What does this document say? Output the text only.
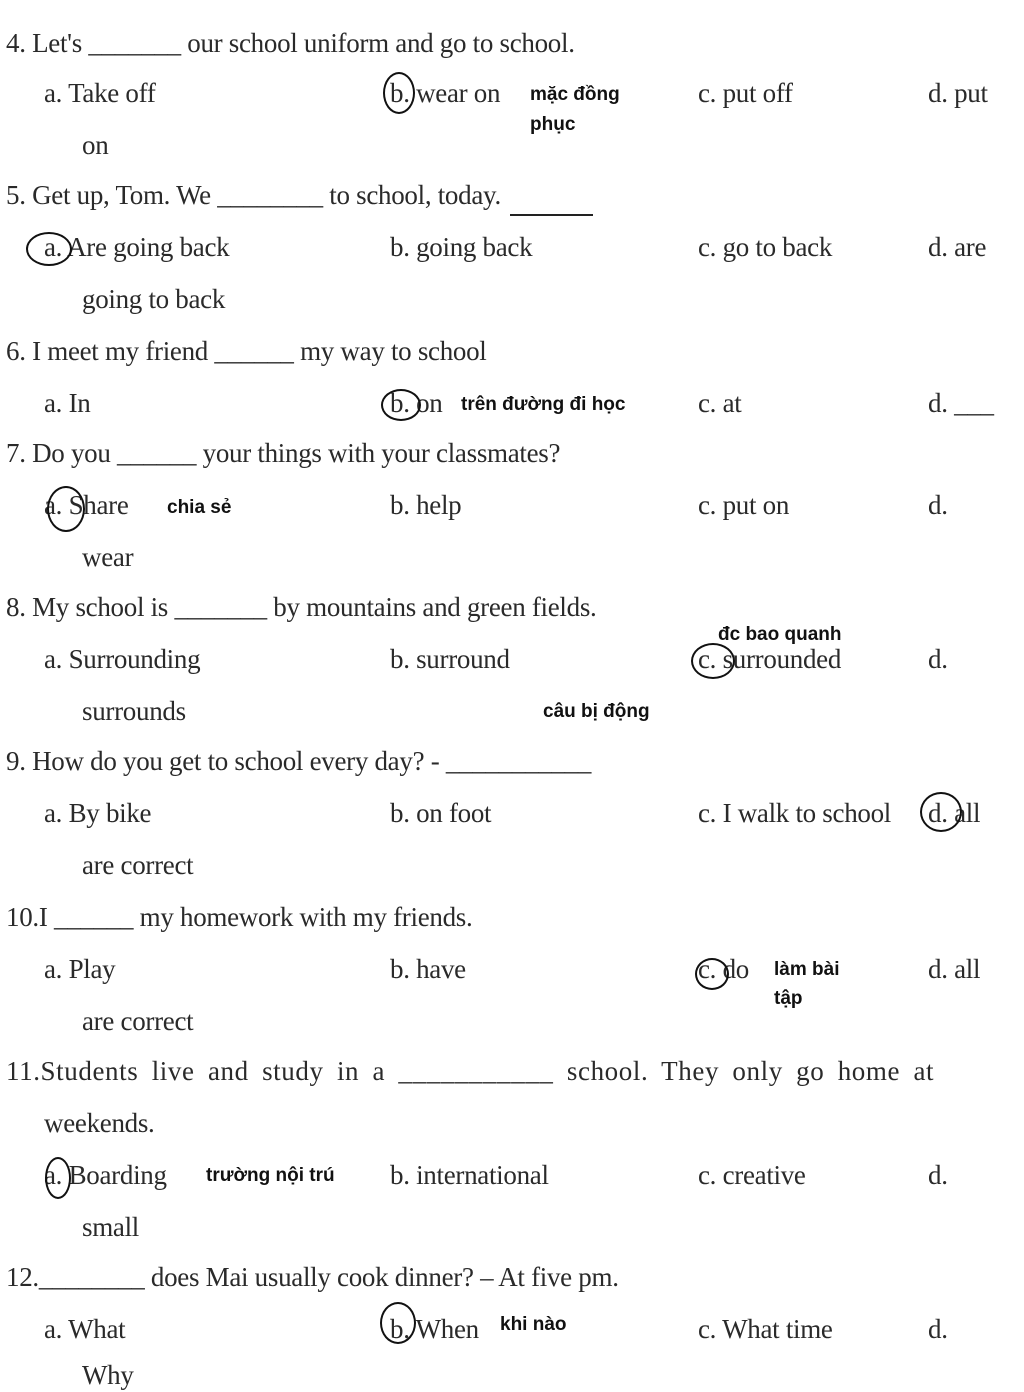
4. Let's _______ our school uniform and go to school.
a. Take off	b. wear on	c. put off	d. put
on
mặc đồng
phục
5. Get up, Tom. We ________ to school, today.
a. Are going back	b. going back	c. go to back	d. are
going to back
6. I meet my friend ______ my way to school
a. In	b. on	c. at	d. ___
trên đường đi học
7. Do you ______ your things with your classmates?
a. Share	b. help	c. put on	d.
wear
chia sẻ
8. My school is _______ by mountains and green fields.
a. Surrounding	b. surround	c. surrounded	d.
surrounds
đc bao quanh
câu bị động
9. How do you get to school every day? - ___________
a. By bike	b. on foot	c. I walk to school d. all
are correct
10.I ______ my homework with my friends.
a. Play	b. have	c. do	d. all
are correct
làm bài
tập
11.Students live and study in a ___________ school. They only go home at
weekends.
a. Boarding	b. international	c. creative	d.
small
trường nội trú
12.________ does Mai usually cook dinner? – At five pm.
a. What	b. When	c. What time	d.
Why
khi nào
